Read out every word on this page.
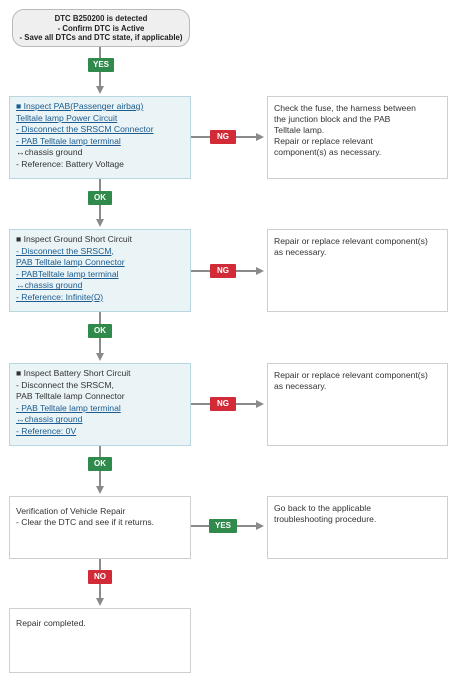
DTC B250200 is detected
- Confirm DTC is Active
- Save all DTCs and DTC state, if applicable)
YES
■ Inspect PAB(Passenger airbag)
Telltale lamp Power Circuit
- Disconnect the SRSCM Connector
- PAB Telltale lamp terminal
↔chassis ground
- Reference: Battery Voltage
NG
Check the fuse, the harness between
the junction block and the PAB
Telltale lamp.
Repair or replace relevant
component(s) as necessary.
OK
■ Inspect Ground Short Circuit
- Disconnect the SRSCM,
PAB Telltale lamp Connector
- PABTelltale lamp terminal
↔chassis ground
- Reference: Infinite(Ω)
NG
Repair or replace relevant component(s)
as necessary.
OK
■ Inspect Battery Short Circuit
- Disconnect the SRSCM,
PAB Telltale lamp Connector
- PAB Telltale lamp terminal
↔chassis ground
- Reference: 0V
NG
Repair or replace relevant component(s)
as necessary.
OK
Verification of Vehicle Repair
- Clear the DTC and see if it returns.	YES
Go back to the applicable
troubleshooting procedure.
NO
Repair completed.
